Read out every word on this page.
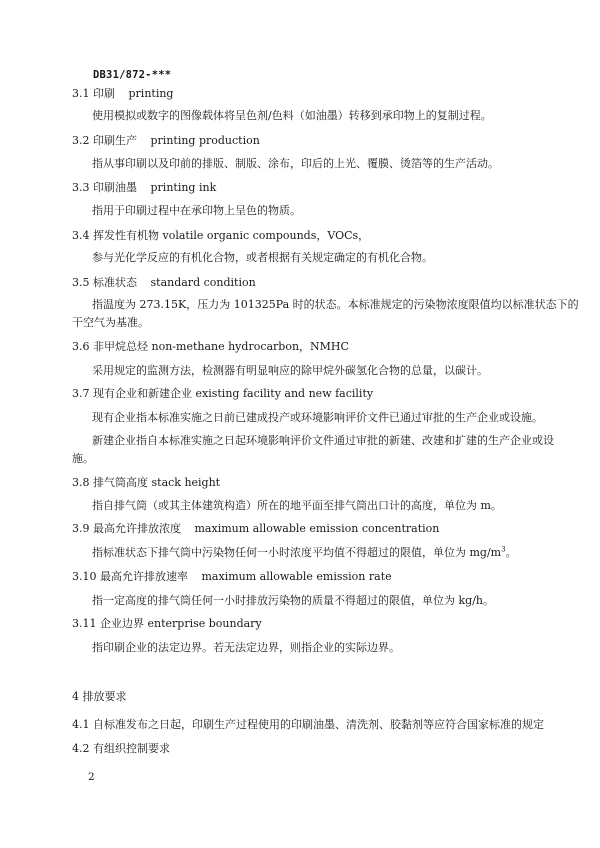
DB31/872-***
3.1 印刷 printing
使用模拟或数字的图像载体将呈色剂/色料（如油墨）转移到承印物上的复制过程。
3.2 印刷生产 printing production
指从事印刷以及印前的排版、制版、涂布，印后的上光、覆膜、烫箔等的生产活动。
3.3 印刷油墨 printing ink
指用于印刷过程中在承印物上呈色的物质。
3.4 挥发性有机物 volatile organic compounds，VOCs，
参与光化学反应的有机化合物，或者根据有关规定确定的有机化合物。
3.5 标准状态 standard condition
指温度为 273.15K，压力为 101325Pa 时的状态。本标准规定的污染物浓度限值均以标准状态下的
干空气为基准。
3.6 非甲烷总烃 non-methane hydrocarbon，NMHC
采用规定的监测方法，检测器有明显响应的除甲烷外碳氢化合物的总量，以碳计。
3.7 现有企业和新建企业 existing facility and new facility
现有企业指本标准实施之日前已建成投产或环境影响评价文件已通过审批的生产企业或设施。
新建企业指自本标准实施之日起环境影响评价文件通过审批的新建、改建和扩建的生产企业或设
施。
3.8 排气筒高度 stack height
指自排气筒（或其主体建筑构造）所在的地平面至排气筒出口计的高度，单位为 m。
3.9 最高允许排放浓度 maximum allowable emission concentration
指标准状态下排气筒中污染物任何一小时浓度平均值不得超过的限值，单位为 $mg/m^3$。
3.10 最高允许排放速率 maximum allowable emission rate
指一定高度的排气筒任何一小时排放污染物的质量不得超过的限值，单位为 kg/h。
3.11 企业边界 enterprise boundary
指印刷企业的法定边界。若无法定边界，则指企业的实际边界。
4 排放要求
4.1 自标准发布之日起，印刷生产过程使用的印刷油墨、清洗剂、胶黏剂等应符合国家标准的规定
4.2 有组织控制要求
2
